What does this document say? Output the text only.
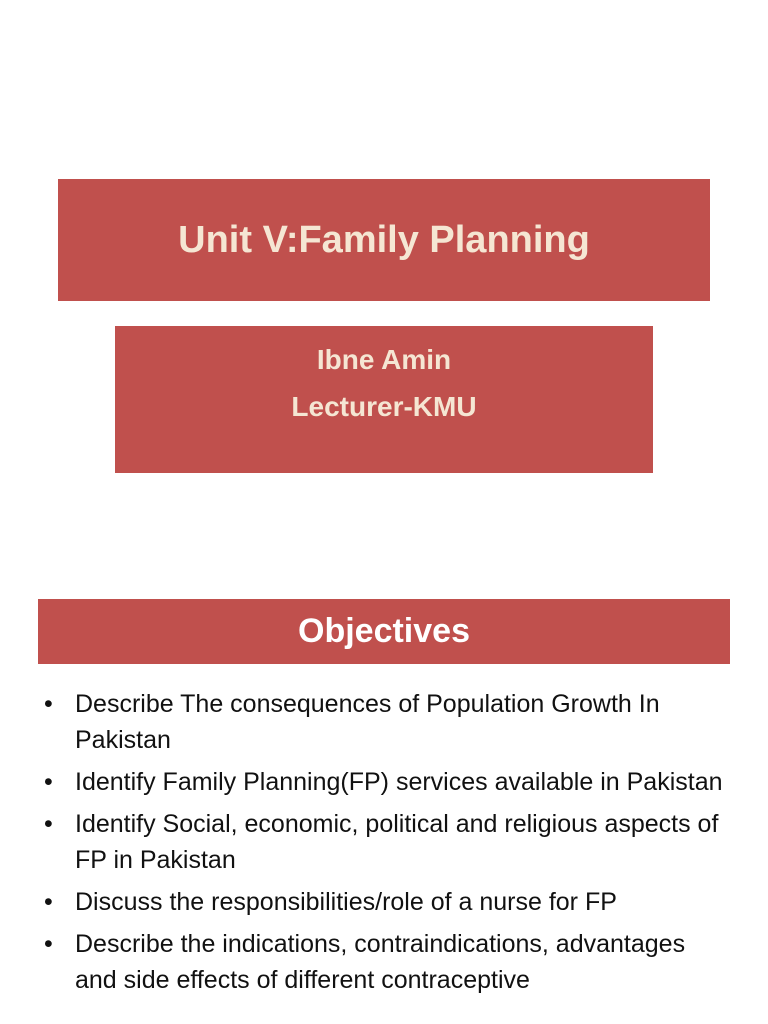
Unit V:Family Planning
Ibne Amin
Lecturer-KMU
Objectives
• Describe The consequences of Population Growth In Pakistan
• Identify Family Planning(FP) services available in Pakistan
• Identify Social, economic, political and religious aspects of FP in Pakistan
• Discuss the responsibilities/role of a nurse for FP
• Describe the indications, contraindications, advantages and side effects of different contraceptive
